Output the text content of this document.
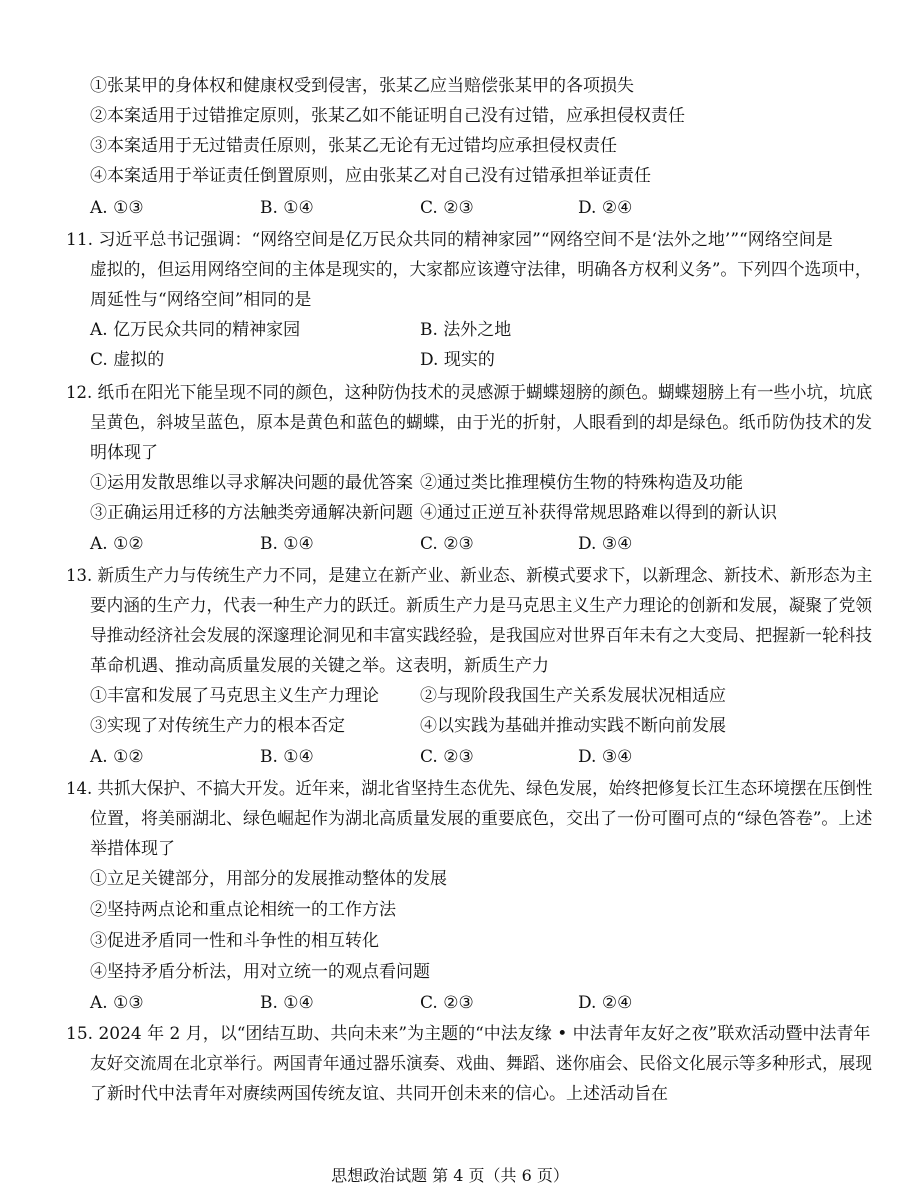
①张某甲的身体权和健康权受到侵害，张某乙应当赔偿张某甲的各项损失
②本案适用于过错推定原则，张某乙如不能证明自己没有过错，应承担侵权责任
③本案适用于无过错责任原则，张某乙无论有无过错均应承担侵权责任
④本案适用于举证责任倒置原则，应由张某乙对自己没有过错承担举证责任
A. ①③	B. ①④	C. ②③	D. ②④
11. 习近平总书记强调：“网络空间是亿万民众共同的精神家园”“网络空间不是‘法外之地’”“网络空间是
虚拟的，但运用网络空间的主体是现实的，大家都应该遵守法律，明确各方权利义务”。下列四个选项中，
周延性与“网络空间”相同的是
A. 亿万民众共同的精神家园	B. 法外之地
C. 虚拟的	D. 现实的
12. 纸币在阳光下能呈现不同的颜色，这种防伪技术的灵感源于蝴蝶翅膀的颜色。蝴蝶翅膀上有一些小坑，坑底
呈黄色，斜坡呈蓝色，原本是黄色和蓝色的蝴蝶，由于光的折射，人眼看到的却是绿色。纸币防伪技术的发
明体现了
①运用发散思维以寻求解决问题的最优答案 ②通过类比推理模仿生物的特殊构造及功能
③正确运用迁移的方法触类旁通解决新问题 ④通过正逆互补获得常规思路难以得到的新认识
A. ①②	B. ①④	C. ②③	D. ③④
13. 新质生产力与传统生产力不同，是建立在新产业、新业态、新模式要求下，以新理念、新技术、新形态为主
要内涵的生产力，代表一种生产力的跃迁。新质生产力是马克思主义生产力理论的创新和发展，凝聚了党领
导推动经济社会发展的深邃理论洞见和丰富实践经验，是我国应对世界百年未有之大变局、把握新一轮科技
革命机遇、推动高质量发展的关键之举。这表明，新质生产力
①丰富和发展了马克思主义生产力理论 ②与现阶段我国生产关系发展状况相适应
③实现了对传统生产力的根本否定	④以实践为基础并推动实践不断向前发展
A. ①②	B. ①④	C. ②③	D. ③④
14. 共抓大保护、不搞大开发。近年来，湖北省坚持生态优先、绿色发展，始终把修复长江生态环境摆在压倒性
位置，将美丽湖北、绿色崛起作为湖北高质量发展的重要底色，交出了一份可圈可点的“绿色答卷”。上述
举措体现了
①立足关键部分，用部分的发展推动整体的发展
②坚持两点论和重点论相统一的工作方法
③促进矛盾同一性和斗争性的相互转化
④坚持矛盾分析法，用对立统一的观点看问题
A. ①③	B. ①④	C. ②③	D. ②④
15. 2024 年 2 月，以“团结互助、共向未来”为主题的“中法友缘 • 中法青年友好之夜”联欢活动暨中法青年
友好交流周在北京举行。两国青年通过器乐演奏、戏曲、舞蹈、迷你庙会、民俗文化展示等多种形式，展现
了新时代中法青年对赓续两国传统友谊、共同开创未来的信心。上述活动旨在
思想政治试题 第 4 页（共 6 页）
